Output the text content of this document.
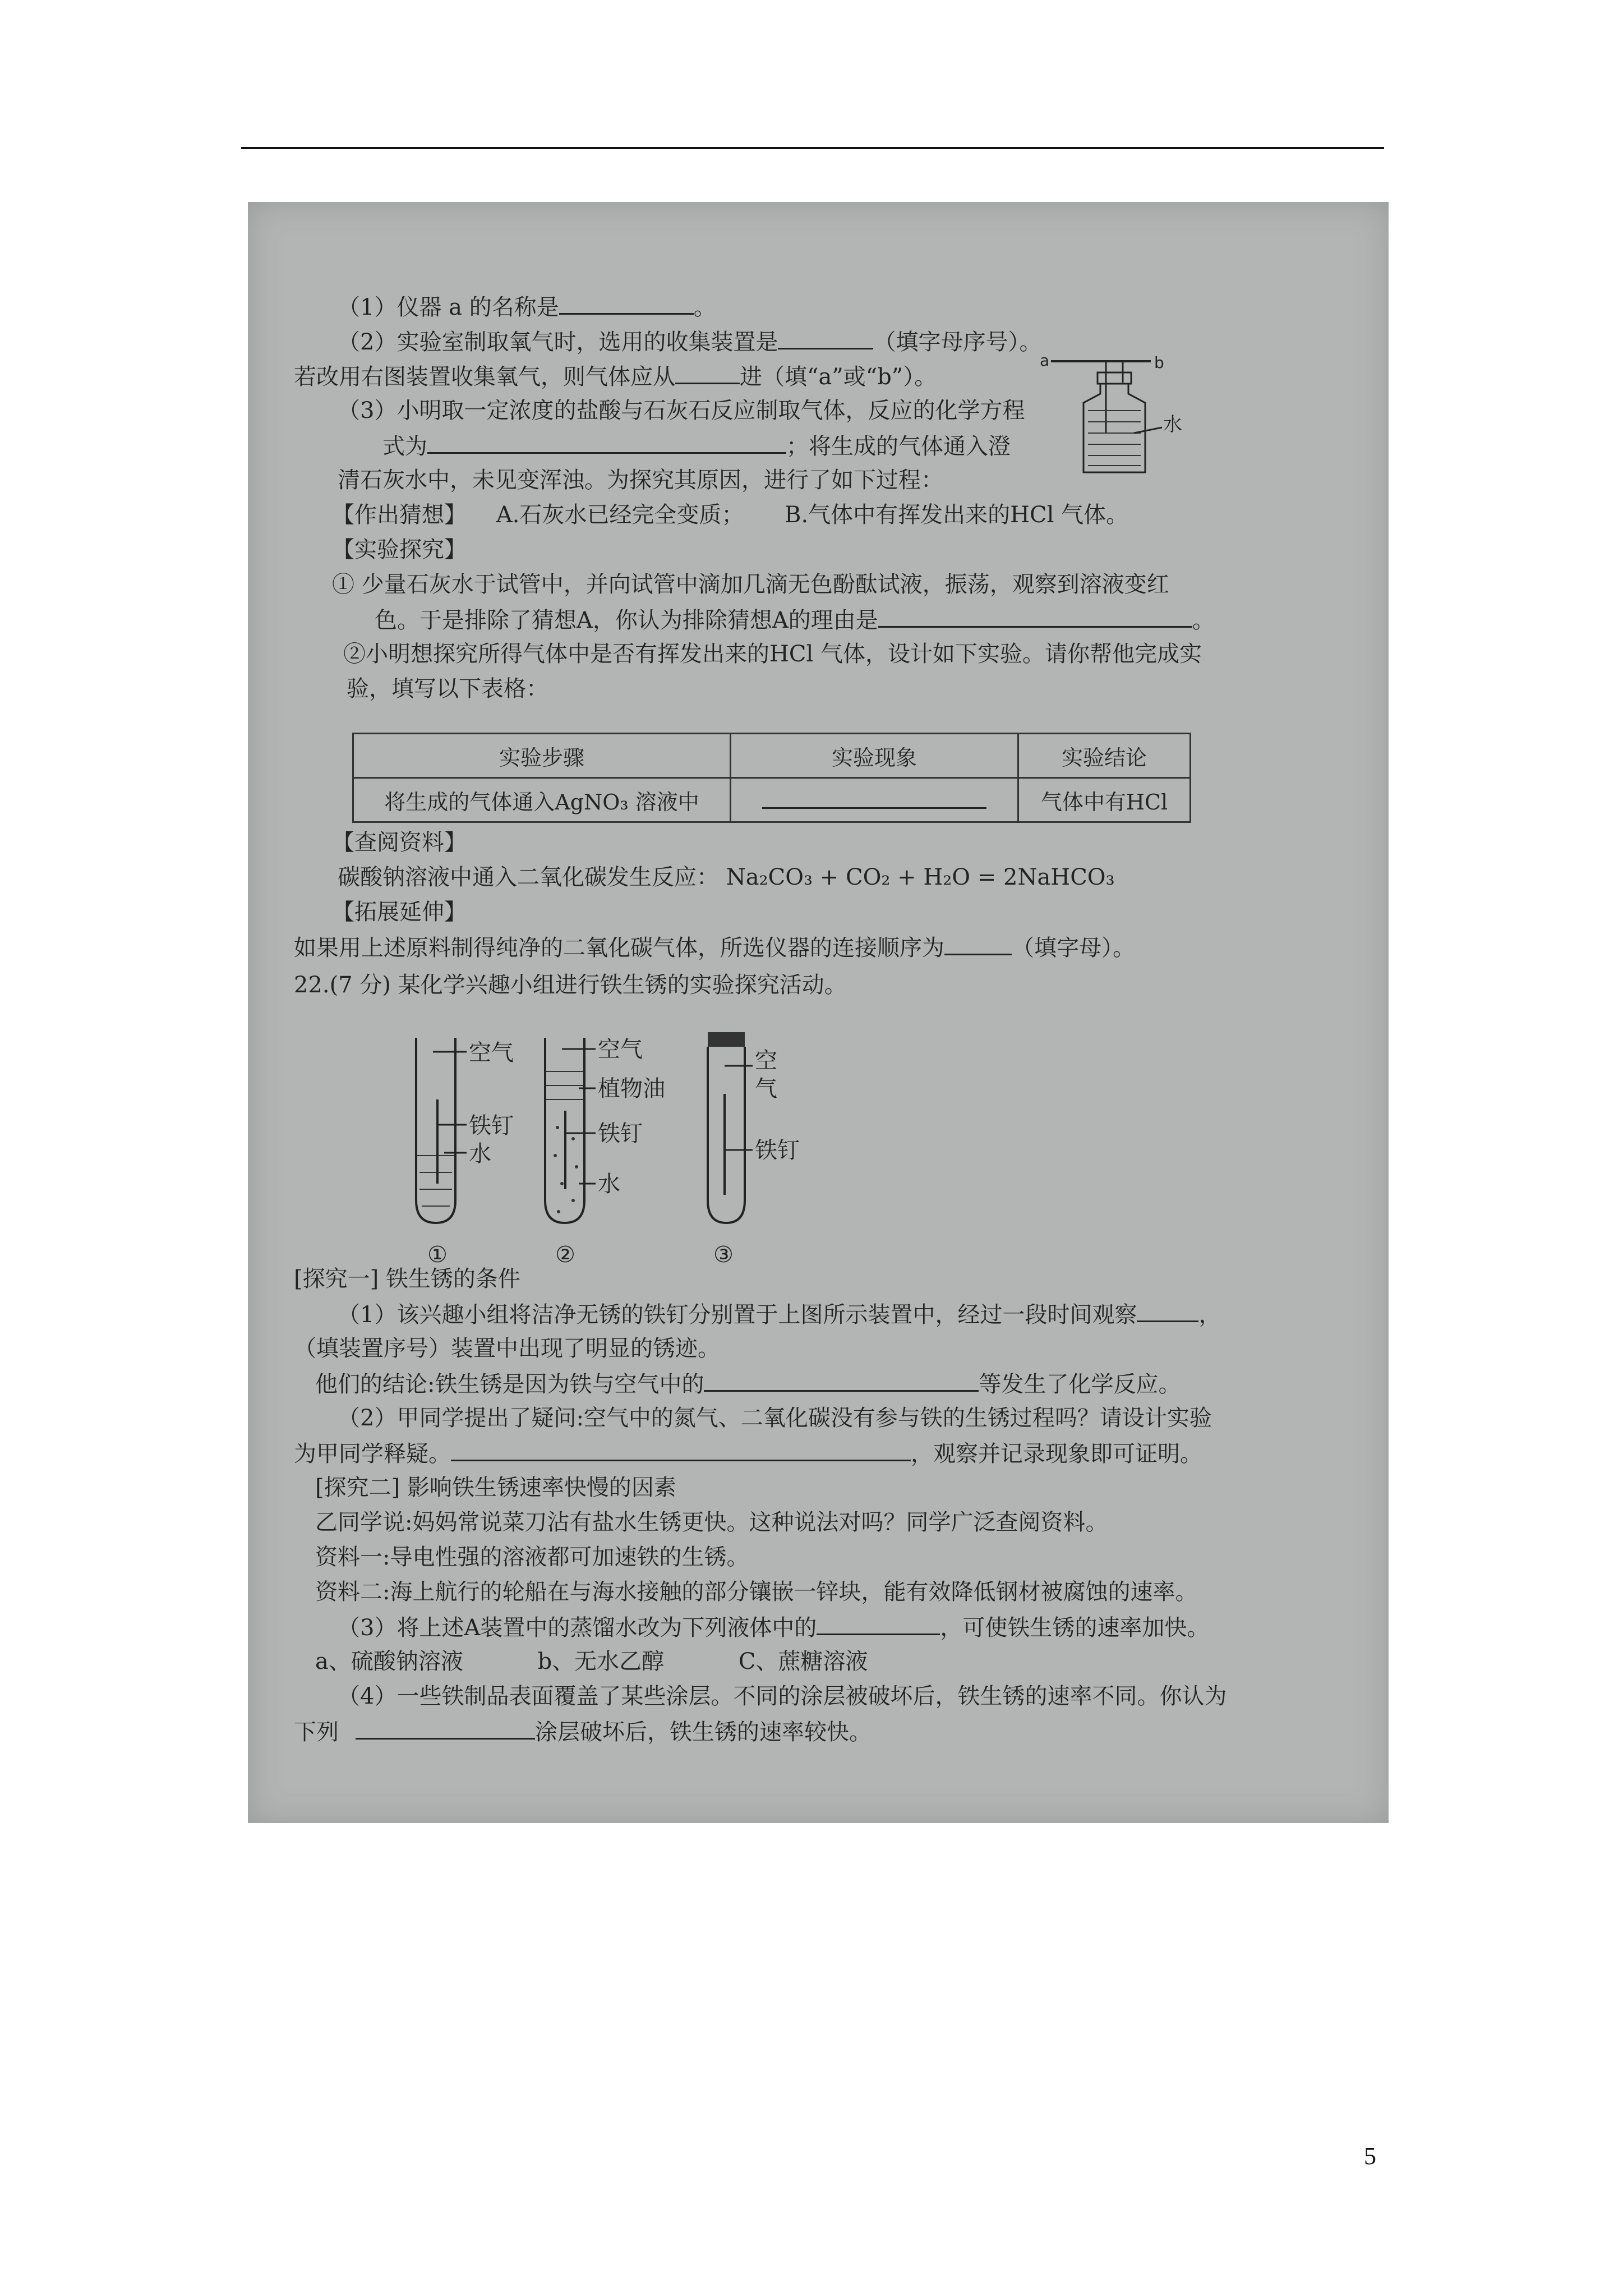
（1）仪器 a 的名称是	。
（2）实验室制取氧气时，选用的收集装置是	（填字母序号）。
若改用右图装置收集氧气，则气体应从	进（填“a”或“b”）。
（3）小明取一定浓度的盐酸与石灰石反应制取气体，反应的化学方程
式为	；将生成的气体通入澄
清石灰水中，未见变浑浊。为探究其原因，进行了如下过程：
a	b
水
【作出猜想】 A.石灰水已经完全变质； B.气体中有挥发出来的HCl 气体。
【实验探究】
① 少量石灰水于试管中，并向试管中滴加几滴无色酚酞试液，振荡，观察到溶液变红
色。于是排除了猜想A，你认为排除猜想A的理由是	。
②小明想探究所得气体中是否有挥发出来的HCl 气体，设计如下实验。请你帮他完成实
验，填写以下表格：
实验步骤	实验现象	实验结论
将生成的气体通入AgNO₃ 溶液中		气体中有HCl
【查阅资料】
碳酸钠溶液中通入二氧化碳发生反应： Na₂CO₃ + CO₂ + H₂O = 2NaHCO₃
【拓展延伸】
如果用上述原料制得纯净的二氧化碳气体，所选仪器的连接顺序为	（填字母）。
22.(7 分) 某化学兴趣小组进行铁生锈的实验探究活动。
空气
铁钉
水
①
空气
植物油
铁钉
水
②
空
气
铁钉
③
[探究一] 铁生锈的条件
（1）该兴趣小组将洁净无锈的铁钉分别置于上图所示装置中，经过一段时间观察	，
（填装置序号）装置中出现了明显的锈迹。
他们的结论:铁生锈是因为铁与空气中的	等发生了化学反应。
（2）甲同学提出了疑问:空气中的氮气、二氧化碳没有参与铁的生锈过程吗？请设计实验
为甲同学释疑。	，观察并记录现象即可证明。
[探究二] 影响铁生锈速率快慢的因素
乙同学说:妈妈常说菜刀沾有盐水生锈更快。这种说法对吗？同学广泛查阅资料。
资料一:导电性强的溶液都可加速铁的生锈。
资料二:海上航行的轮船在与海水接触的部分镶嵌一锌块，能有效降低钢材被腐蚀的速率。
（3）将上述A装置中的蒸馏水改为下列液体中的	，可使铁生锈的速率加快。
a、硫酸钠溶液	b、无水乙醇	C、蔗糖溶液
（4）一些铁制品表面覆盖了某些涂层。不同的涂层被破坏后，铁生锈的速率不同。你认为
下列	涂层破坏后，铁生锈的速率较快。
5
